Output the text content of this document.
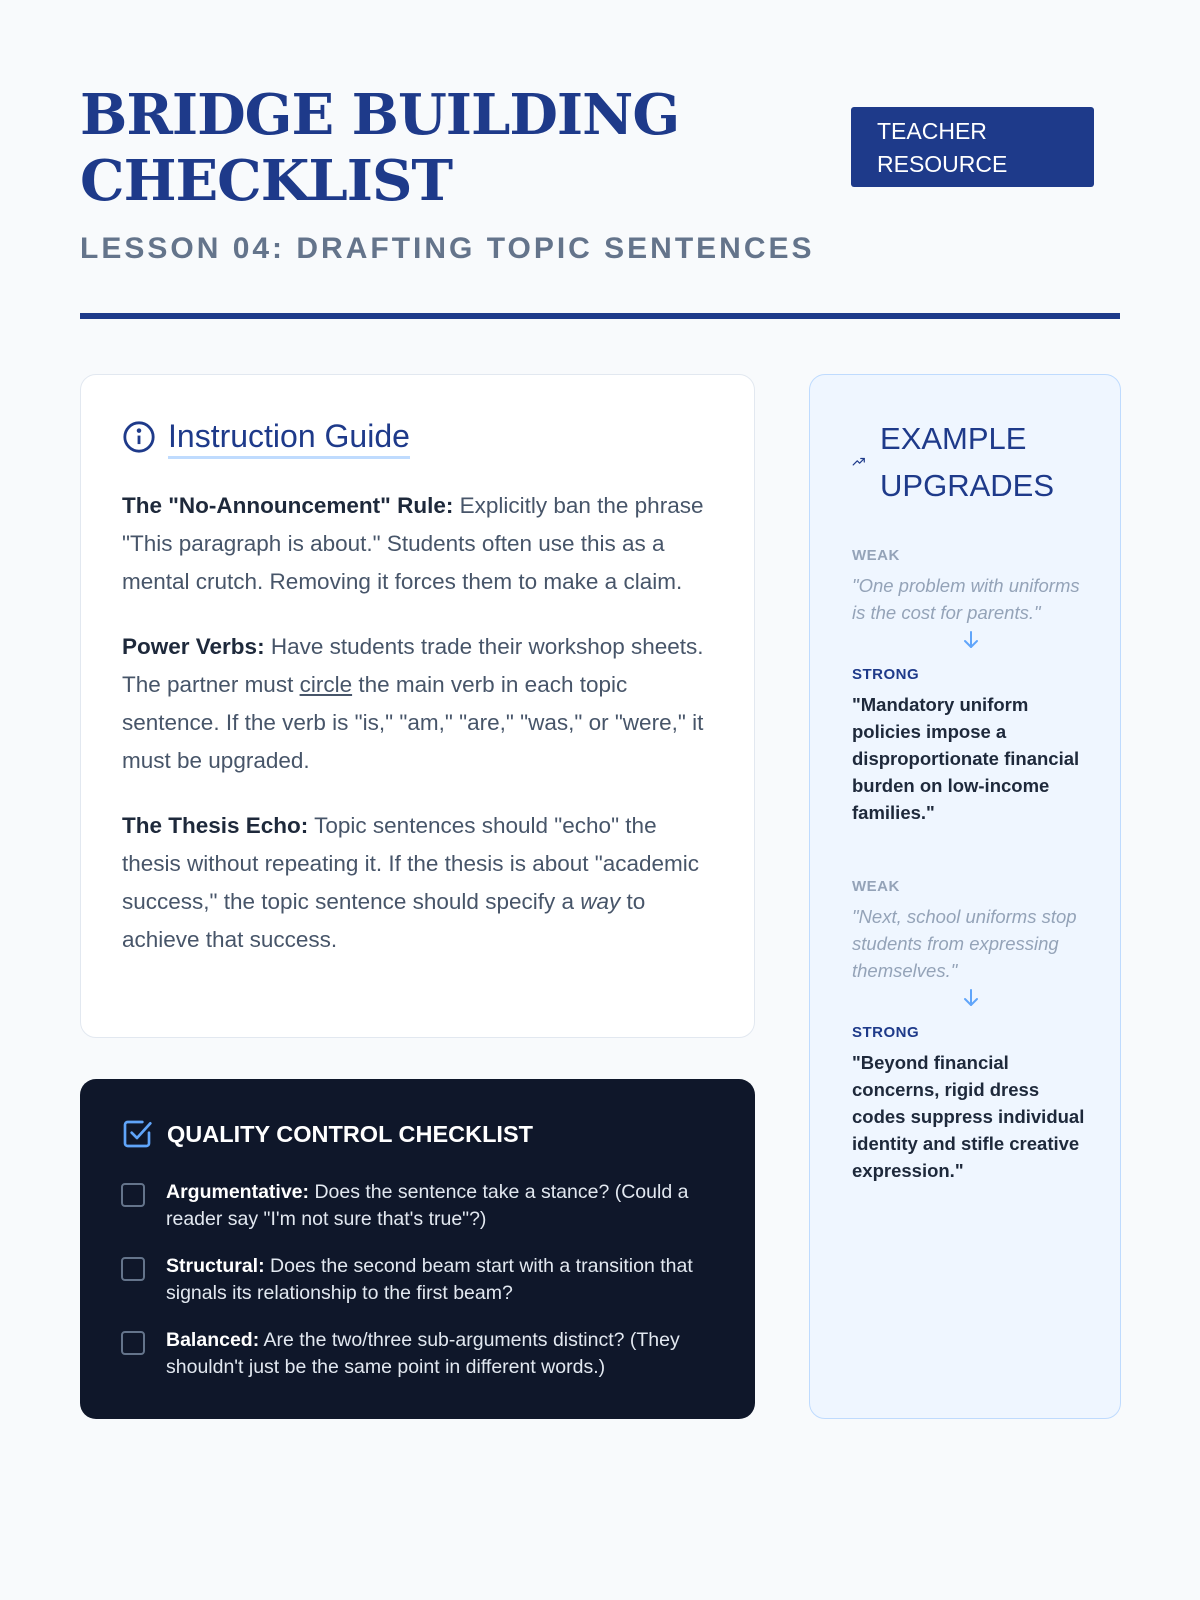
BRIDGE BUILDING CHECKLIST
TEACHER RESOURCE
LESSON 04: DRAFTING TOPIC SENTENCES
Instruction Guide

The "No-Announcement" Rule: Explicitly ban the phrase "This paragraph is about." Students often use this as a mental crutch. Removing it forces them to make a claim.

Power Verbs: Have students trade their workshop sheets. The partner must circle the main verb in each topic sentence. If the verb is "is," "am," "are," "was," or "were," it must be upgraded.

The Thesis Echo: Topic sentences should "echo" the thesis without repeating it. If the thesis is about "academic success," the topic sentence should specify a way to achieve that success.

QUALITY CONTROL CHECKLIST
Argumentative: Does the sentence take a stance? (Could a reader say "I'm not sure that's true"?)
Structural: Does the second beam start with a transition that signals its relationship to the first beam?
Balanced: Are the two/three sub-arguments distinct? (They shouldn't just be the same point in different words.)
EXAMPLE UPGRADES
WEAK
"One problem with uniforms is the cost for parents."
STRONG
"Mandatory uniform policies impose a disproportionate financial burden on low-income families."
WEAK
"Next, school uniforms stop students from expressing themselves."
STRONG
"Beyond financial concerns, rigid dress codes suppress individual identity and stifle creative expression."
